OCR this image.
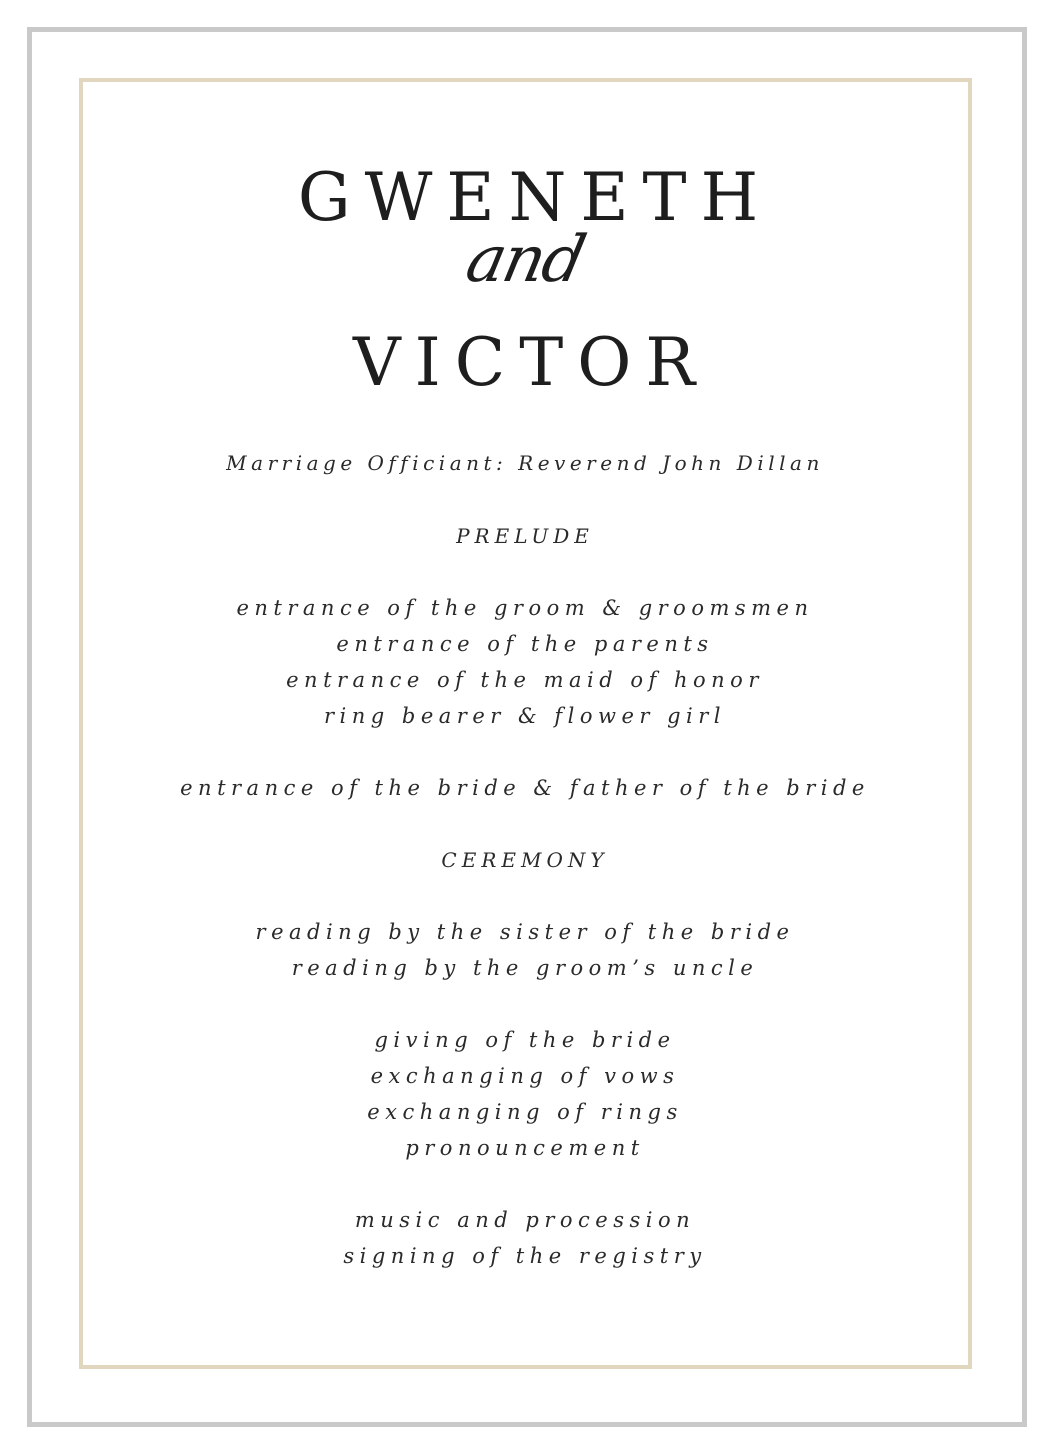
GWENETH
and
VICTOR
Marriage Officiant: Reverend John Dillan
PRELUDE
entrance of the groom & groomsmen
entrance of the parents
entrance of the maid of honor
ring bearer & flower girl
entrance of the bride & father of the bride
CEREMONY
reading by the sister of the bride
reading by the groom’s uncle
giving of the bride
exchanging of vows
exchanging of rings
pronouncement
music and procession
signing of the registry
